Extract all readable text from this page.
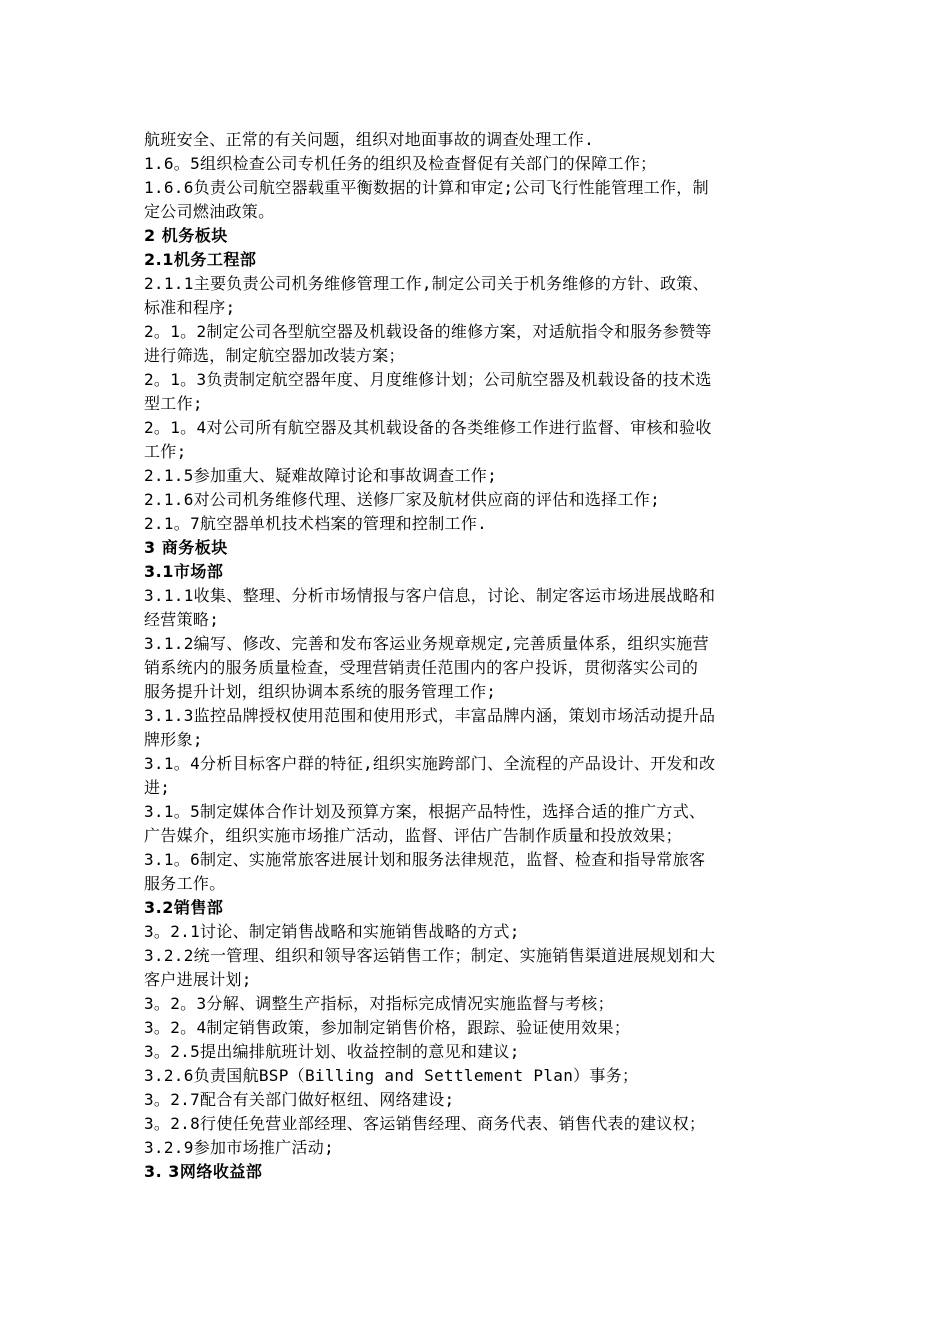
航班安全、正常的有关问题，组织对地面事故的调查处理工作.
1.6。5组织检查公司专机任务的组织及检查督促有关部门的保障工作；
1.6.6负责公司航空器载重平衡数据的计算和审定;公司飞行性能管理工作，制
定公司燃油政策。
2 机务板块
2.1机务工程部
2.1.1主要负责公司机务维修管理工作,制定公司关于机务维修的方针、政策、
标准和程序;
2。1。2制定公司各型航空器及机载设备的维修方案，对适航指令和服务参赞等
进行筛选，制定航空器加改装方案；
2。1。3负责制定航空器年度、月度维修计划；公司航空器及机载设备的技术选
型工作;
2。1。4对公司所有航空器及其机载设备的各类维修工作进行监督、审核和验收
工作;
2.1.5参加重大、疑难故障讨论和事故调查工作;
2.1.6对公司机务维修代理、送修厂家及航材供应商的评估和选择工作;
2.1。7航空器单机技术档案的管理和控制工作.
3 商务板块
3.1市场部
3.1.1收集、整理、分析市场情报与客户信息，讨论、制定客运市场进展战略和
经营策略;
3.1.2编写、修改、完善和发布客运业务规章规定,完善质量体系，组织实施营
销系统内的服务质量检查，受理营销责任范围内的客户投诉，贯彻落实公司的
服务提升计划，组织协调本系统的服务管理工作;
3.1.3监控品牌授权使用范围和使用形式，丰富品牌内涵，策划市场活动提升品
牌形象;
3.1。4分析目标客户群的特征,组织实施跨部门、全流程的产品设计、开发和改
进;
3.1。5制定媒体合作计划及预算方案，根据产品特性，选择合适的推广方式、
广告媒介，组织实施市场推广活动，监督、评估广告制作质量和投放效果；
3.1。6制定、实施常旅客进展计划和服务法律规范，监督、检查和指导常旅客
服务工作。
3.2销售部
3。2.1讨论、制定销售战略和实施销售战略的方式;
3.2.2统一管理、组织和领导客运销售工作；制定、实施销售渠道进展规划和大
客户进展计划;
3。2。3分解、调整生产指标，对指标完成情况实施监督与考核；
3。2。4制定销售政策，参加制定销售价格，跟踪、验证使用效果；
3。2.5提出编排航班计划、收益控制的意见和建议;
3.2.6负责国航BSP（Billing and Settlement Plan）事务；
3。2.7配合有关部门做好枢纽、网络建设;
3。2.8行使任免营业部经理、客运销售经理、商务代表、销售代表的建议权；
3.2.9参加市场推广活动;
3. 3网络收益部
